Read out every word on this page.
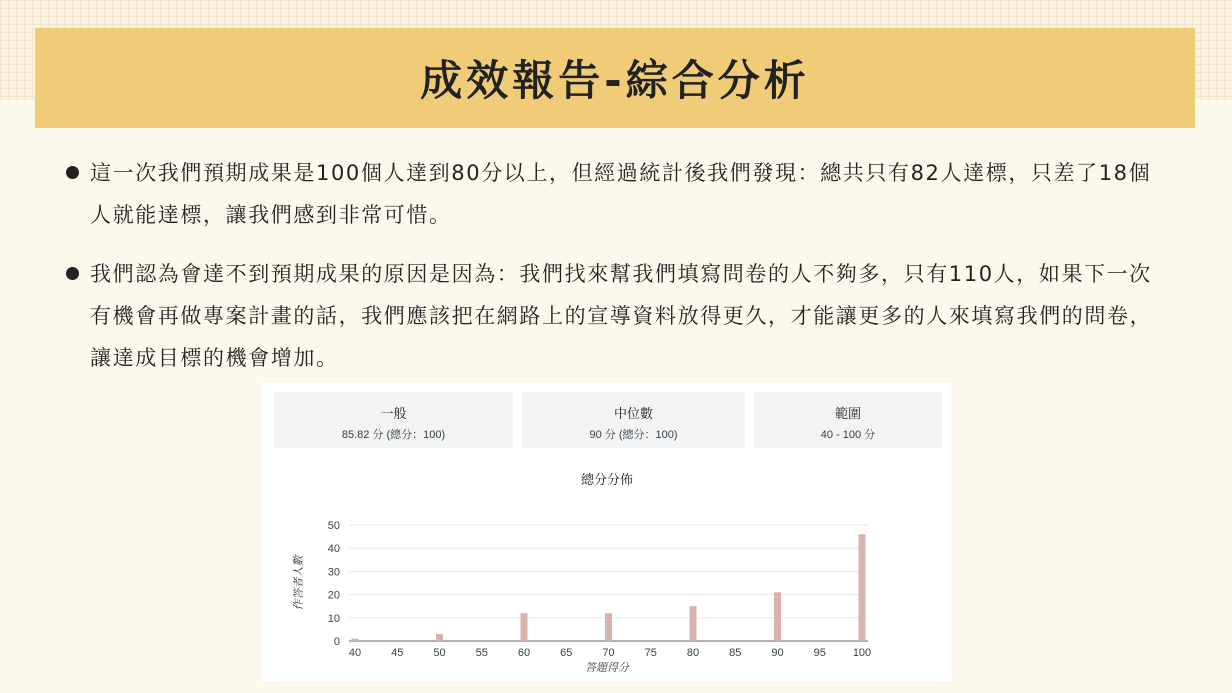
成效報告-綜合分析
這一次我們預期成果是100個人達到80分以上，但經過統計後我們發現：總共只有82人達標，只差了18個人就能達標，讓我們感到非常可惜。
我們認為會達不到預期成果的原因是因為：我們找來幫我們填寫問卷的人不夠多，只有110人，如果下一次有機會再做專案計畫的話，我們應該把在網路上的宣導資料放得更久，才能讓更多的人來填寫我們的問卷，讓達成目標的機會增加。
一般
85.82 分 (總分：100)
中位數
90 分 (總分：100)
範圍
40 - 100 分
總分分佈
0
10
20
30
40
50
40	45	50	55	60	65	70	75	80	85	90	95 100
答題得分
作答者人數
